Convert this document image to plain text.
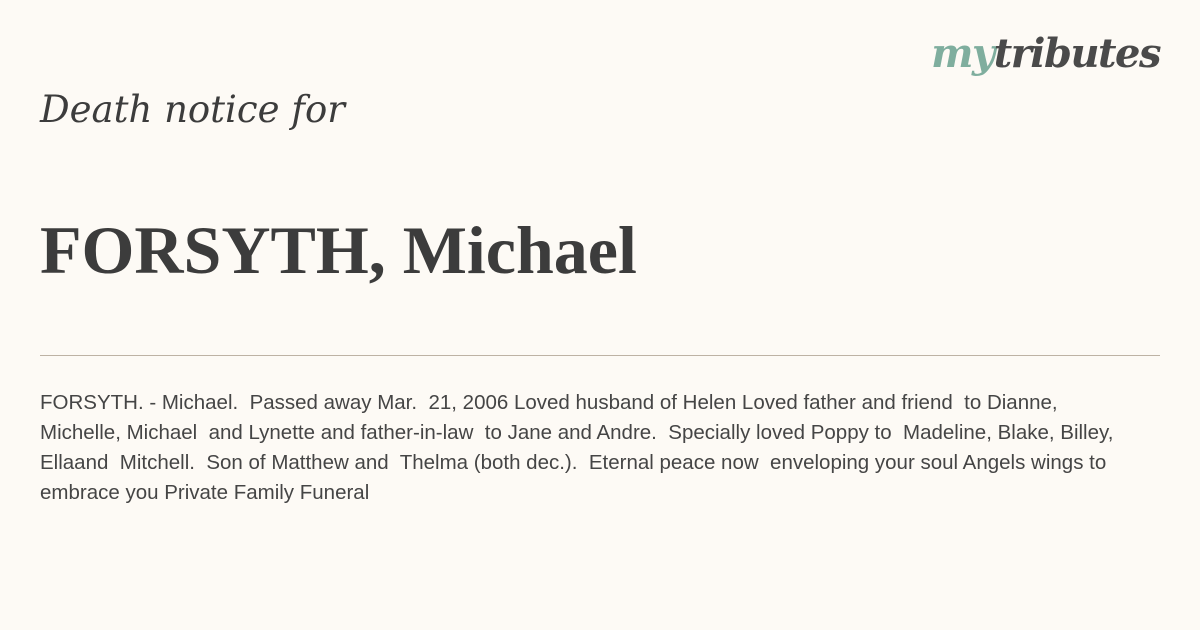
mytributes
Death notice for
FORSYTH, Michael

FORSYTH. - Michael.  Passed away Mar.  21, 2006 Loved husband of Helen Loved father and friend  to Dianne, Michelle, Michael  and Lynette and father-in-law  to Jane and Andre.  Specially loved Poppy to  Madeline, Blake, Billey, Ellaand  Mitchell.  Son of Matthew and  Thelma (both dec.).  Eternal peace now  enveloping your soul Angels wings to embrace you Private Family Funeral
